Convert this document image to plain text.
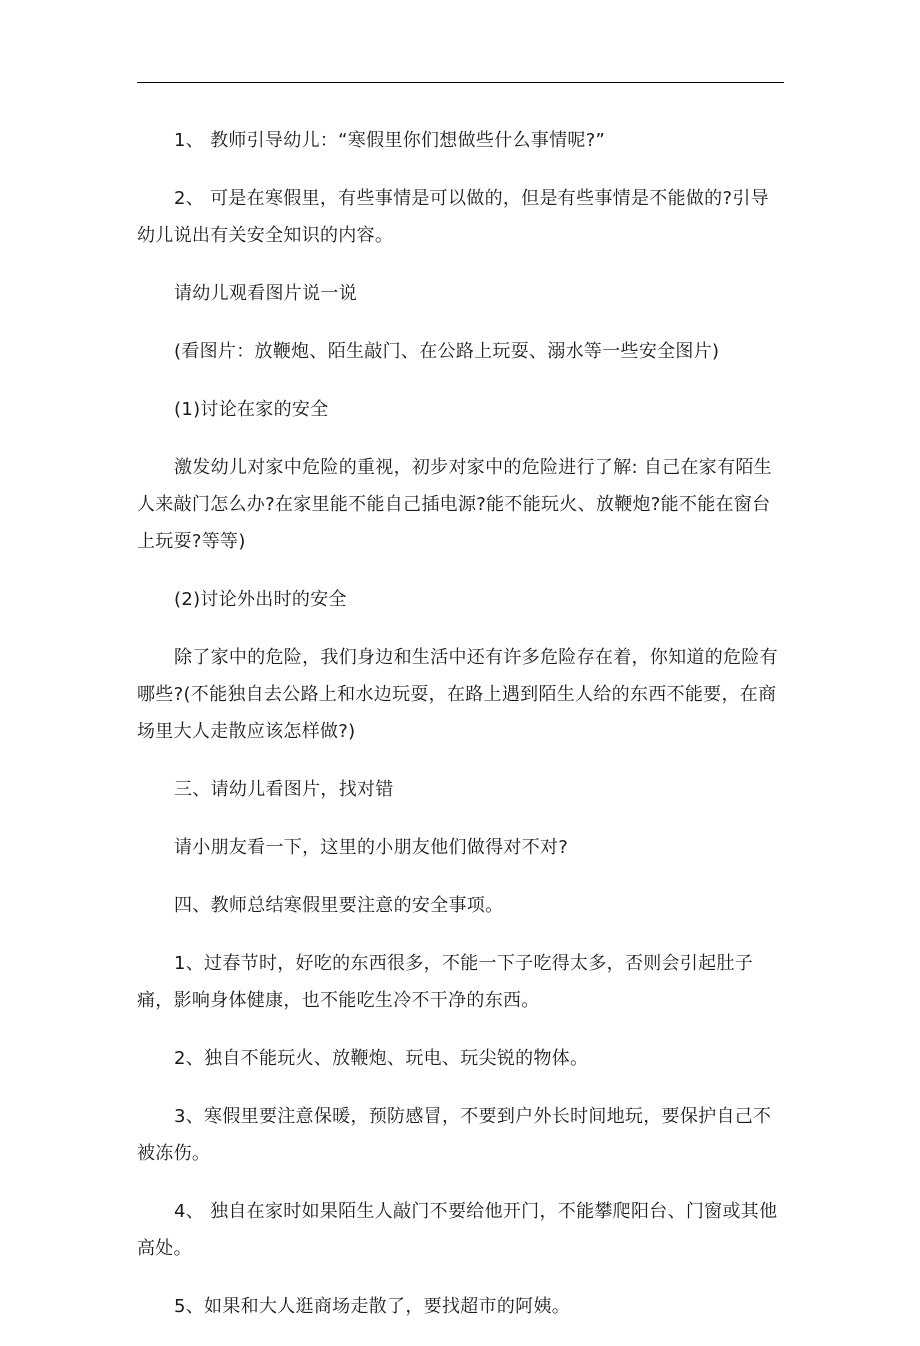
1、 教师引导幼儿：“寒假里你们想做些什么事情呢?”

2、 可是在寒假里，有些事情是可以做的，但是有些事情是不能做的?引导幼儿说出有关安全知识的内容。

请幼儿观看图片说一说

(看图片：放鞭炮、陌生敲门、在公路上玩耍、溺水等一些安全图片)

(1)讨论在家的安全

激发幼儿对家中危险的重视，初步对家中的危险进行了解: 自己在家有陌生人来敲门怎么办?在家里能不能自己插电源?能不能玩火、放鞭炮?能不能在窗台上玩耍?等等)

(2)讨论外出时的安全

除了家中的危险，我们身边和生活中还有许多危险存在着，你知道的危险有哪些?(不能独自去公路上和水边玩耍，在路上遇到陌生人给的东西不能要，在商场里大人走散应该怎样做?)

三、请幼儿看图片，找对错

请小朋友看一下，这里的小朋友他们做得对不对?

四、教师总结寒假里要注意的安全事项。

1、过春节时，好吃的东西很多，不能一下子吃得太多，否则会引起肚子痛，影响身体健康，也不能吃生冷不干净的东西。

2、独自不能玩火、放鞭炮、玩电、玩尖锐的物体。

3、寒假里要注意保暖，预防感冒，不要到户外长时间地玩，要保护自己不被冻伤。

4、 独自在家时如果陌生人敲门不要给他开门，不能攀爬阳台、门窗或其他高处。

5、如果和大人逛商场走散了，要找超市的阿姨。
